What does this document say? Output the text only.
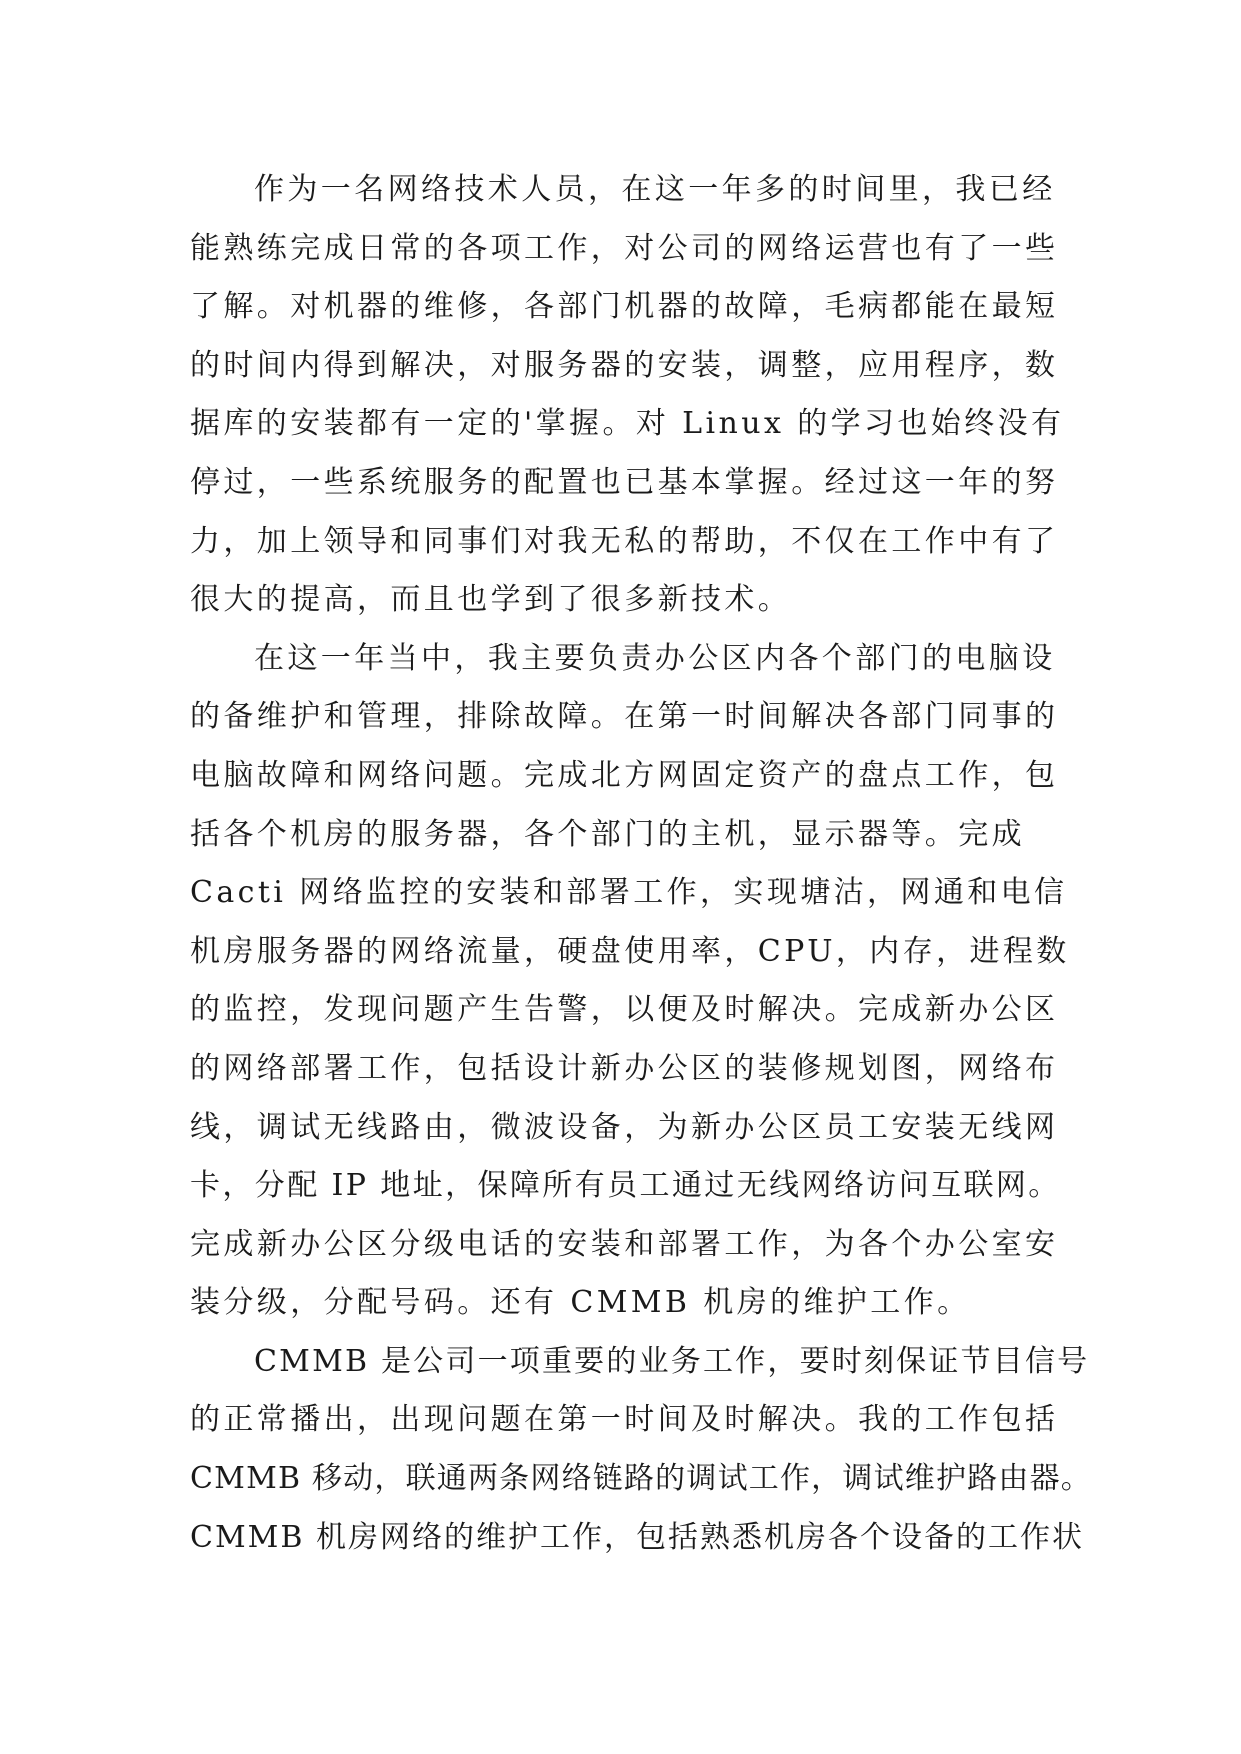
作为一名网络技术人员，在这一年多的时间里，我已经
能熟练完成日常的各项工作，对公司的网络运营也有了一些
了解。对机器的维修，各部门机器的故障，毛病都能在最短
的时间内得到解决，对服务器的安装，调整，应用程序，数
据库的安装都有一定的'掌握。对 Linux 的学习也始终没有
停过，一些系统服务的配置也已基本掌握。经过这一年的努
力，加上领导和同事们对我无私的帮助，不仅在工作中有了
很大的提高，而且也学到了很多新技术。
在这一年当中，我主要负责办公区内各个部门的电脑设
的备维护和管理，排除故障。在第一时间解决各部门同事的
电脑故障和网络问题。完成北方网固定资产的盘点工作，包
括各个机房的服务器，各个部门的主机，显示器等。完成
Cacti 网络监控的安装和部署工作，实现塘沽，网通和电信
机房服务器的网络流量，硬盘使用率，CPU，内存，进程数
的监控，发现问题产生告警，以便及时解决。完成新办公区
的网络部署工作，包括设计新办公区的装修规划图，网络布
线，调试无线路由，微波设备，为新办公区员工安装无线网
卡，分配 IP 地址，保障所有员工通过无线网络访问互联网。
完成新办公区分级电话的安装和部署工作，为各个办公室安
装分级，分配号码。还有 CMMB 机房的维护工作。
CMMB 是公司一项重要的业务工作，要时刻保证节目信号
的正常播出，出现问题在第一时间及时解决。我的工作包括
CMMB 移动，联通两条网络链路的调试工作，调试维护路由器。
CMMB 机房网络的维护工作，包括熟悉机房各个设备的工作状
